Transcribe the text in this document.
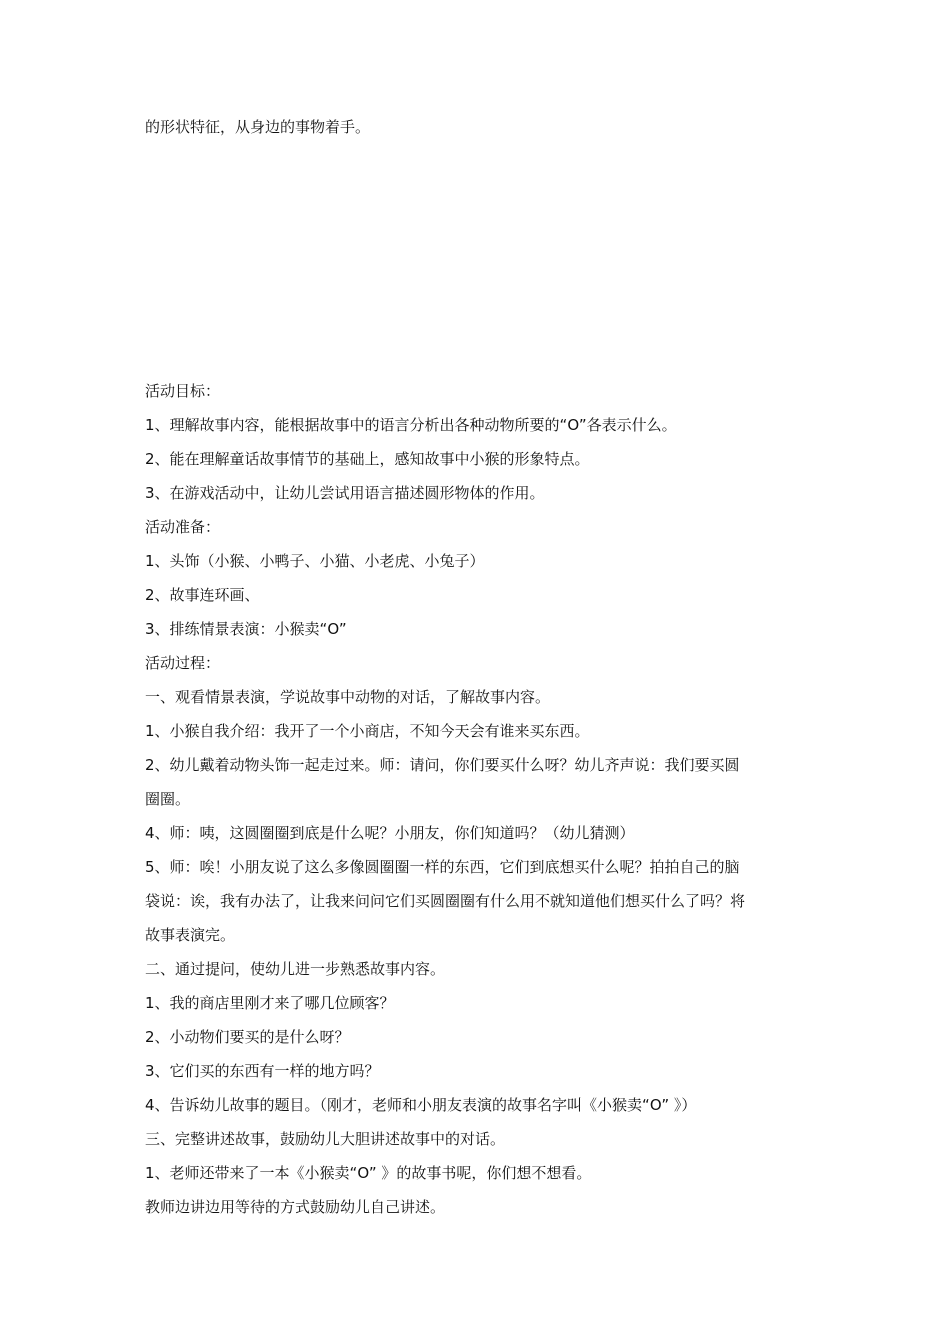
的形状特征，从身边的事物着手。
活动目标：
1、理解故事内容，能根据故事中的语言分析出各种动物所要的“O”各表示什么。
2、能在理解童话故事情节的基础上，感知故事中小猴的形象特点。
3、在游戏活动中，让幼儿尝试用语言描述圆形物体的作用。
活动准备：
1、头饰（小猴、小鸭子、小猫、小老虎、小兔子）
2、故事连环画、
3、排练情景表演：小猴卖“O”
活动过程：
一、观看情景表演，学说故事中动物的对话，了解故事内容。
1、小猴自我介绍：我开了一个小商店，不知今天会有谁来买东西。
2、幼儿戴着动物头饰一起走过来。师：请问，你们要买什么呀？幼儿齐声说：我们要买圆
圈圈。
4、师：咦，这圆圈圈到底是什么呢？小朋友，你们知道吗？（幼儿猜测）
5、师：唉！小朋友说了这么多像圆圈圈一样的东西，它们到底想买什么呢？拍拍自己的脑
袋说：诶，我有办法了，让我来问问它们买圆圈圈有什么用不就知道他们想买什么了吗？将
故事表演完。
二、通过提问，使幼儿进一步熟悉故事内容。
1、我的商店里刚才来了哪几位顾客？
2、小动物们要买的是什么呀？
3、它们买的东西有一样的地方吗？
4、告诉幼儿故事的题目。（刚才，老师和小朋友表演的故事名字叫《小猴卖“O” 》）
三、完整讲述故事，鼓励幼儿大胆讲述故事中的对话。
1、老师还带来了一本《小猴卖“O” 》的故事书呢，你们想不想看。
教师边讲边用等待的方式鼓励幼儿自己讲述。
